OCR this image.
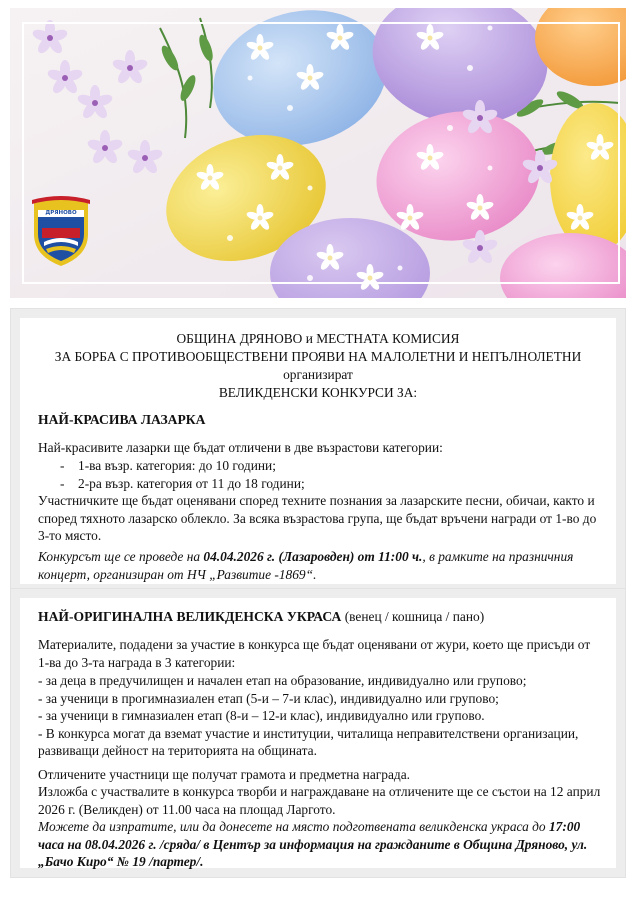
ДРЯНОВО
ОБЩИНА ДРЯНОВО и МЕСТНАТА КОМИСИЯ
ЗА БОРБА С ПРОТИВООБЩЕСТВЕНИ ПРОЯВИ НА МАЛОЛЕТНИ И НЕПЪЛНОЛЕТНИ
организират
ВЕЛИКДЕНСКИ КОНКУРСИ ЗА:
НАЙ-КРАСИВА ЛАЗАРКА
Най-красивите лазарки ще бъдат отличени в две възрастови категории:
- 1-ва възр. категория: до 10 години;
- 2-ра възр. категория от 11 до 18 години;
Участничките ще бъдат оценявани според техните познания за лазарските песни, обичаи, както и според тяхното лазарско облекло. За всяка възрастова група, ще бъдат връчени награди от 1-во до 3-то място.
Конкурсът ще се проведе на 04.04.2026 г. (Лазаровден) от 11:00 ч., в рамките на празничния концерт, организиран от НЧ „Развитие -1869“.
НАЙ-ОРИГИНАЛНА ВЕЛИКДЕНСКА УКРАСА (венец / кошница / пано)
Материалите, подадени за участие в конкурса ще бъдат оценявани от жури, което ще присъди от 1-ва до 3-та награда в 3 категории:
- за деца в предучилищен и начален етап на образование, индивидуално или групово;
- за ученици в прогимназиален етап (5-и – 7-и клас), индивидуално или групово;
- за ученици в гимназиален етап (8-и – 12-и клас), индивидуално или групово.
- В конкурса могат да вземат участие и институции, читалища неправителствени организации, развиващи дейност на територията на общината.
Отличените участници ще получат грамота и предметна награда.
Изложба с участвалите в конкурса творби и награждаване на отличените ще се състои на 12 април 2026 г. (Великден) от 11.00 часа на площад Ларгото.
Можете да изпратите, или да донесете на място подготвената великденска украса до 17:00 часа на 08.04.2026 г. /сряда/ в Център за информация на гражданите в Община Дряново, ул. „Бачо Киро“ № 19 /партер/.
